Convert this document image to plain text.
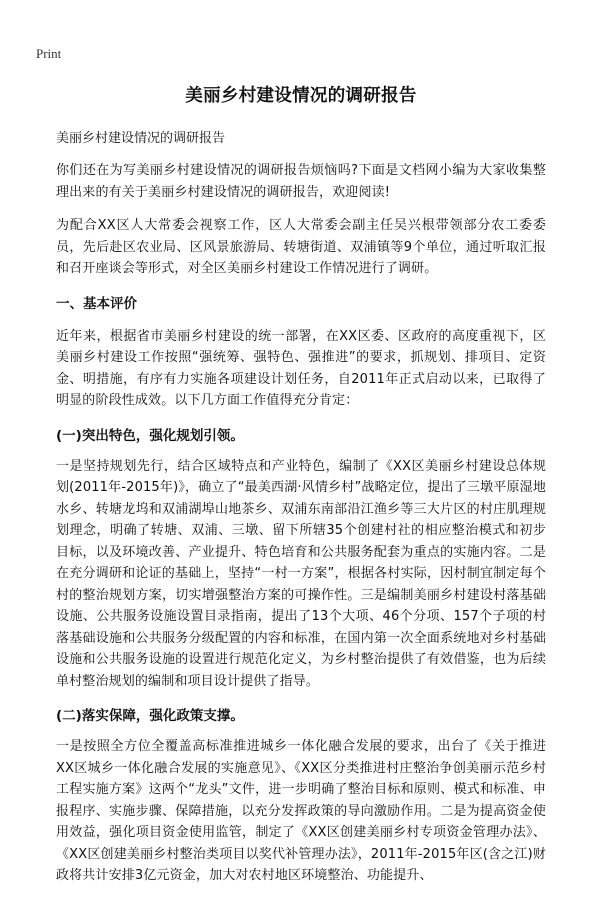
Print
美丽乡村建设情况的调研报告
美丽乡村建设情况的调研报告

你们还在为写美丽乡村建设情况的调研报告烦恼吗?下面是文档网小编为大家收集整理出来的有关于美丽乡村建设情况的调研报告，欢迎阅读!

为配合XX区人大常委会视察工作，区人大常委会副主任吴兴根带领部分农工委委员，先后赴区农业局、区风景旅游局、转塘街道、双浦镇等9个单位，通过听取汇报和召开座谈会等形式，对全区美丽乡村建设工作情况进行了调研。

一、基本评价

近年来，根据省市美丽乡村建设的统一部署，在XX区委、区政府的高度重视下，区美丽乡村建设工作按照“强统筹、强特色、强推进”的要求，抓规划、排项目、定资金、明措施，有序有力实施各项建设计划任务，自2011年正式启动以来，已取得了明显的阶段性成效。以下几方面工作值得充分肯定：

(一)突出特色，强化规划引领。

一是坚持规划先行，结合区域特点和产业特色，编制了《XX区美丽乡村建设总体规划(2011年-2015年)》，确立了“最美西湖·风情乡村”战略定位，提出了三墩平原湿地水乡、转塘龙坞和双浦湖埠山地茶乡、双浦东南部沿江渔乡等三大片区的村庄肌理规划理念，明确了转塘、双浦、三墩、留下所辖35个创建村社的相应整治模式和初步目标，以及环境改善、产业提升、特色培育和公共服务配套为重点的实施内容。二是在充分调研和论证的基础上，坚持“一村一方案”，根据各村实际，因村制宜制定每个村的整治规划方案，切实增强整治方案的可操作性。三是编制美丽乡村建设村落基础设施、公共服务设施设置目录指南，提出了13个大项、46个分项、157个子项的村落基础设施和公共服务分级配置的内容和标准，在国内第一次全面系统地对乡村基础设施和公共服务设施的设置进行规范化定义，为乡村整治提供了有效借鉴，也为后续单村整治规划的编制和项目设计提供了指导。

(二)落实保障，强化政策支撑。

一是按照全方位全覆盖高标准推进城乡一体化融合发展的要求，出台了《关于推进XX区城乡一体化融合发展的实施意见》、《XX区分类推进村庄整治争创美丽示范乡村工程实施方案》这两个“龙头”文件，进一步明确了整治目标和原则、模式和标准、申报程序、实施步骤、保障措施，以充分发挥政策的导向激励作用。二是为提高资金使用效益，强化项目资金使用监管，制定了《XX区创建美丽乡村专项资金管理办法》、《XX区创建美丽乡村整治类项目以奖代补管理办法》，2011年-2015年区(含之江)财政将共计安排3亿元资金，加大对农村地区环境整治、功能提升、
